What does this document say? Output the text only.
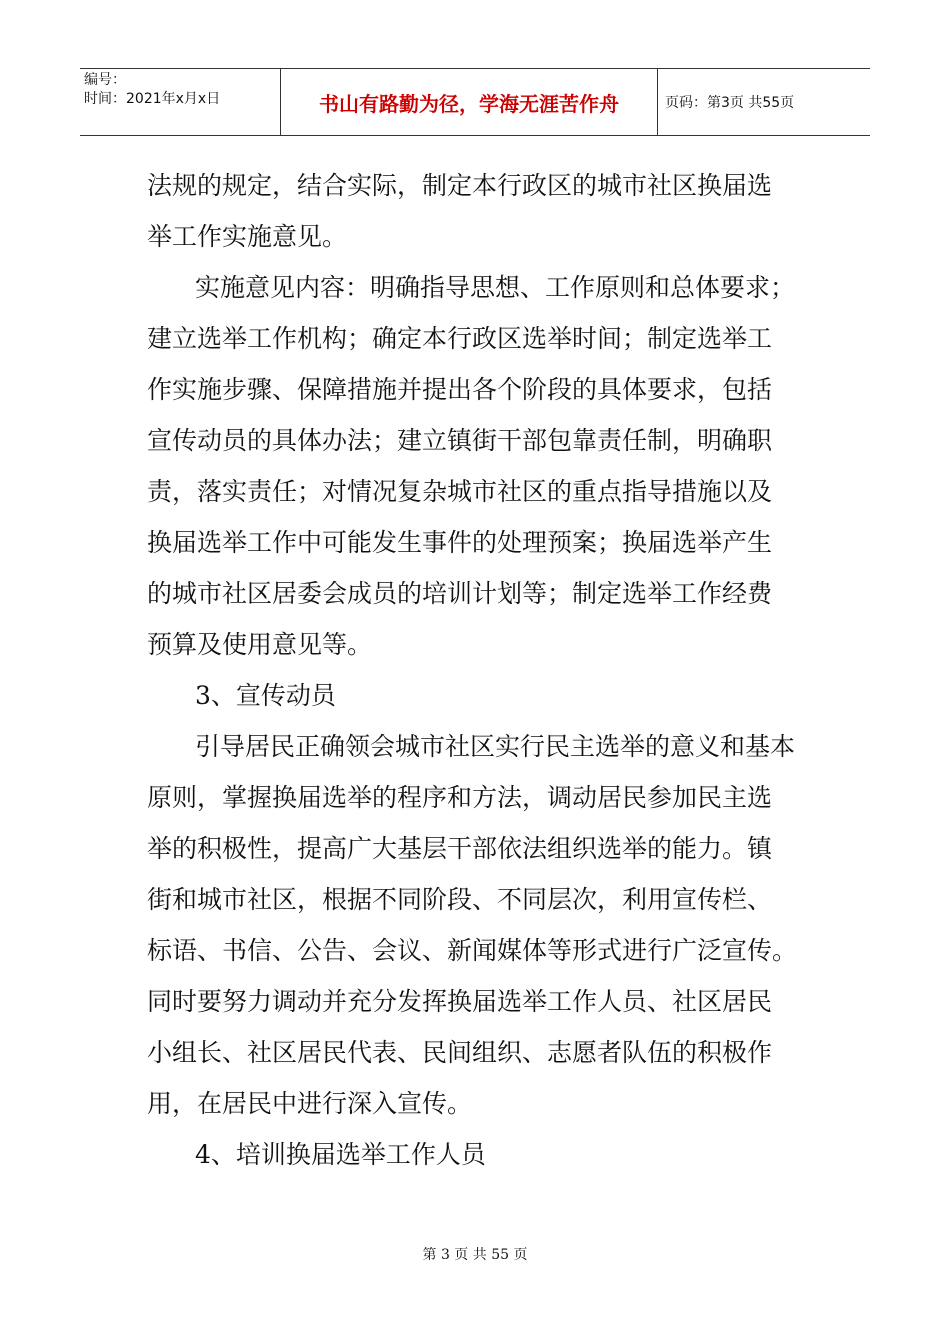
编号：
时间：2021年x月x日	书山有路勤为径，学海无涯苦作舟	页码：第3页 共55页
法规的规定，结合实际，制定本行政区的城市社区换届选
举工作实施意见。
实施意见内容：明确指导思想、工作原则和总体要求；
建立选举工作机构；确定本行政区选举时间；制定选举工
作实施步骤、保障措施并提出各个阶段的具体要求，包括
宣传动员的具体办法；建立镇街干部包靠责任制，明确职
责，落实责任；对情况复杂城市社区的重点指导措施以及
换届选举工作中可能发生事件的处理预案；换届选举产生
的城市社区居委会成员的培训计划等；制定选举工作经费
预算及使用意见等。
3、宣传动员
引导居民正确领会城市社区实行民主选举的意义和基本
原则，掌握换届选举的程序和方法，调动居民参加民主选
举的积极性，提高广大基层干部依法组织选举的能力。镇
街和城市社区，根据不同阶段、不同层次，利用宣传栏、
标语、书信、公告、会议、新闻媒体等形式进行广泛宣传。
同时要努力调动并充分发挥换届选举工作人员、社区居民
小组长、社区居民代表、民间组织、志愿者队伍的积极作
用，在居民中进行深入宣传。
4、培训换届选举工作人员
第 3 页 共 55 页
